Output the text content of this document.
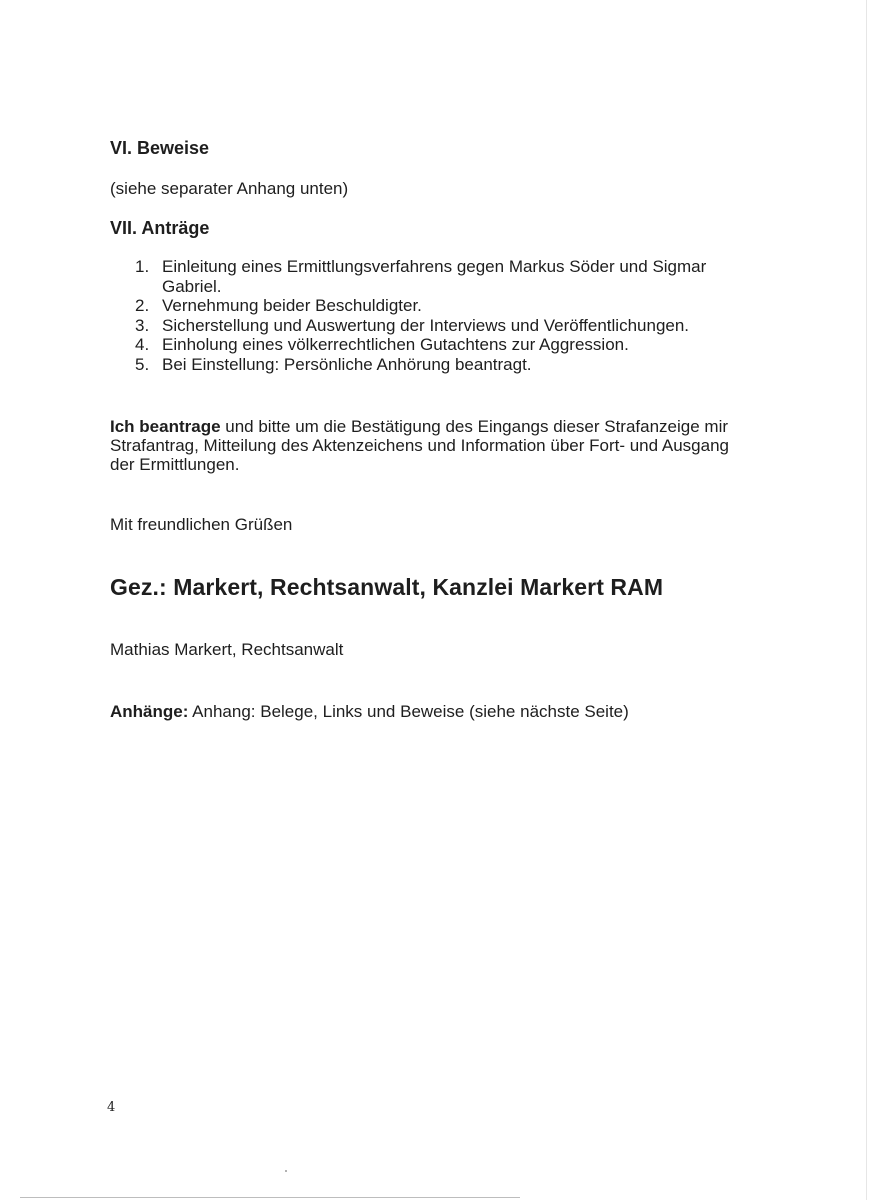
VI. Beweise

(siehe separater Anhang unten)

VII. Anträge

1. Einleitung eines Ermittlungsverfahrens gegen Markus Söder und Sigmar Gabriel.
2. Vernehmung beider Beschuldigter.
3. Sicherstellung und Auswertung der Interviews und Veröffentlichungen.
4. Einholung eines völkerrechtlichen Gutachtens zur Aggression.
5. Bei Einstellung: Persönliche Anhörung beantragt.

Ich beantrage und bitte um die Bestätigung des Eingangs dieser Strafanzeige mir Strafantrag, Mitteilung des Aktenzeichens und Information über Fort- und Ausgang der Ermittlungen.

Mit freundlichen Grüßen

Gez.: Markert, Rechtsanwalt, Kanzlei Markert RAM

Mathias Markert, Rechtsanwalt

Anhänge: Anhang: Belege, Links und Beweise (siehe nächste Seite)

4
